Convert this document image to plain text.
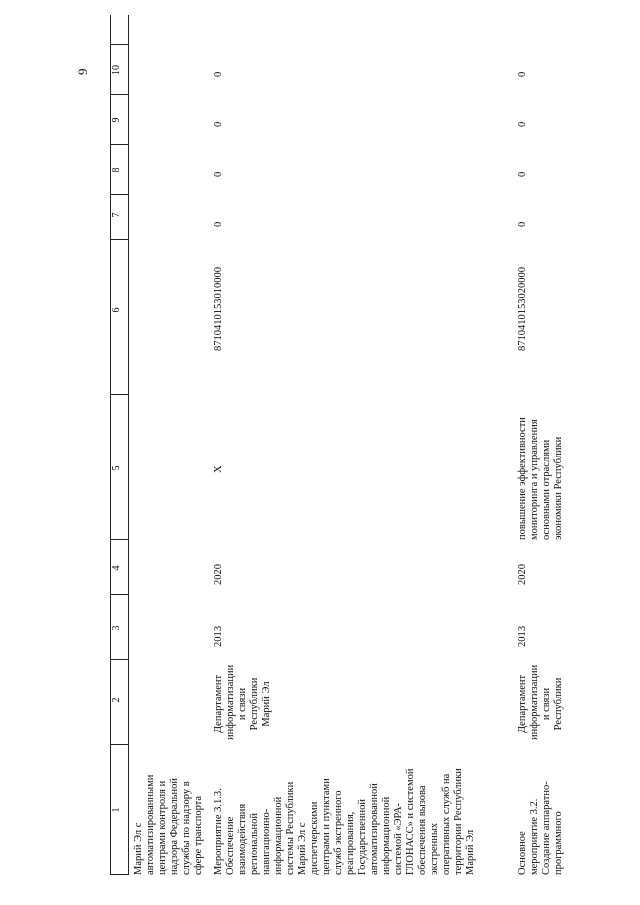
9
1
2
3
4
5
6
7
8
9
10
Марий Эл с
автоматизированными
центрами контроля и
надзора Федеральной
службы по надзору в
сфере транспорта Мероприятие 3.1.3.
Обеспечение
взаимодействия
региональной
навигационно-
информационной
системы Республики
Марий Эл с
диспетчерскими
центрами и пунктами
служб экстренного
реагирования,
Государственной
автоматизированной
информационной
системой «ЭРА-
ГЛОНАСС» и системой
обеспечения вызова
экстренных
оперативных служб на
территории Республики
Марий Эл
Департамент
информатизации
и связи
Республики
Марий Эл
2013
2020
X
8710410153010000
0
0
0
0
Основное
мероприятие 3.2.
Создание аппаратно-
программного
Департамент
информатизации
и связи
Республики
2013
2020
повышение эффективности
мониторинга и управления
основными отраслями
экономики Республики
8710410153020000
0
0
0
0
